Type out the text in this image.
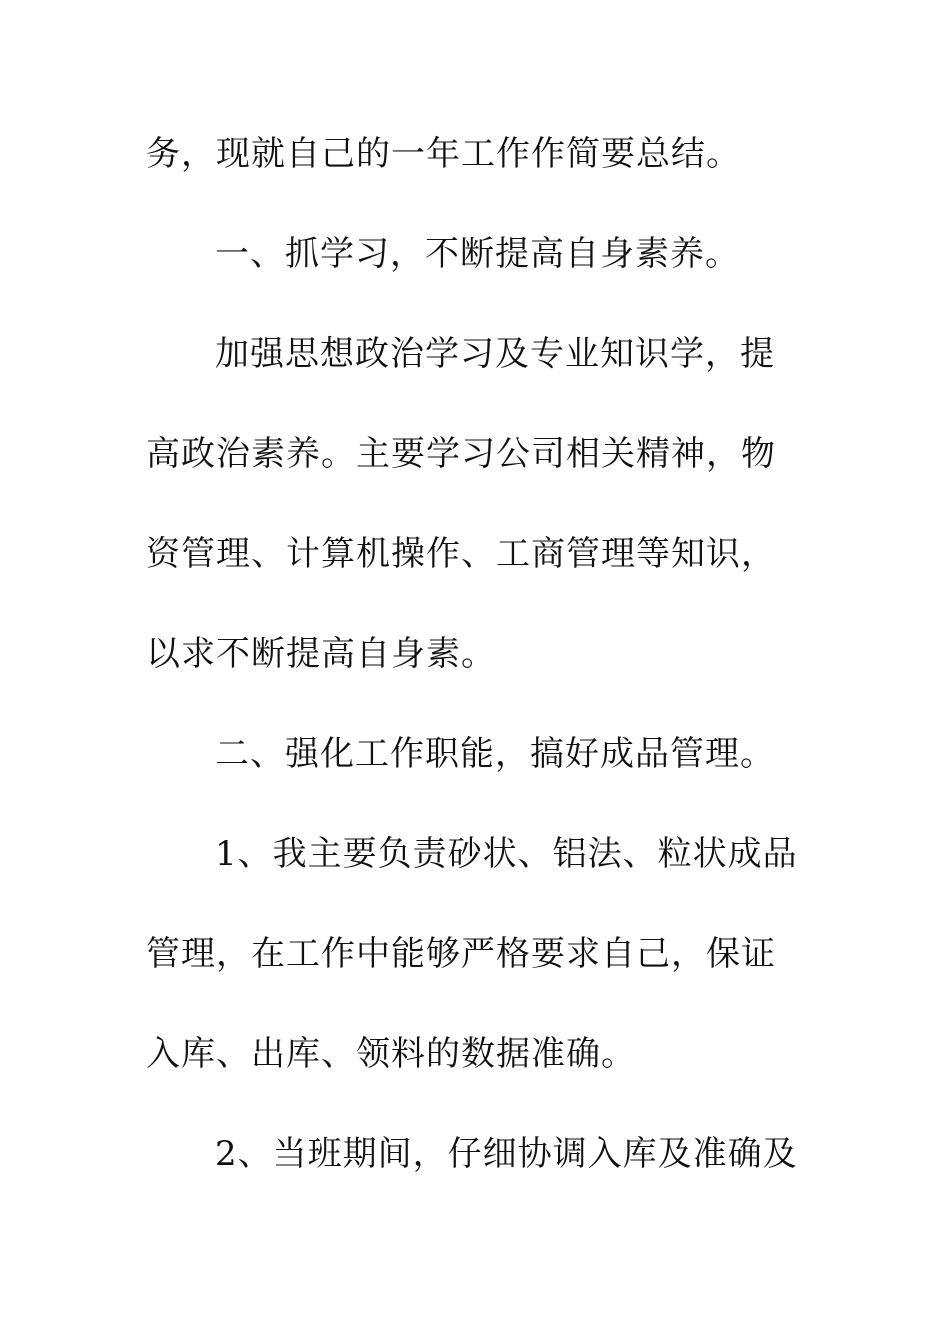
务，现就自己的一年工作作简要总结。
一、抓学习，不断提高自身素养。
加强思想政治学习及专业知识学，提
高政治素养。主要学习公司相关精神，物
资管理、计算机操作、工商管理等知识，
以求不断提高自身素。
二、强化工作职能，搞好成品管理。
1、我主要负责砂状、铝法、粒状成品
管理，在工作中能够严格要求自己，保证
入库、出库、领料的数据准确。
2、当班期间，仔细协调入库及准确及
